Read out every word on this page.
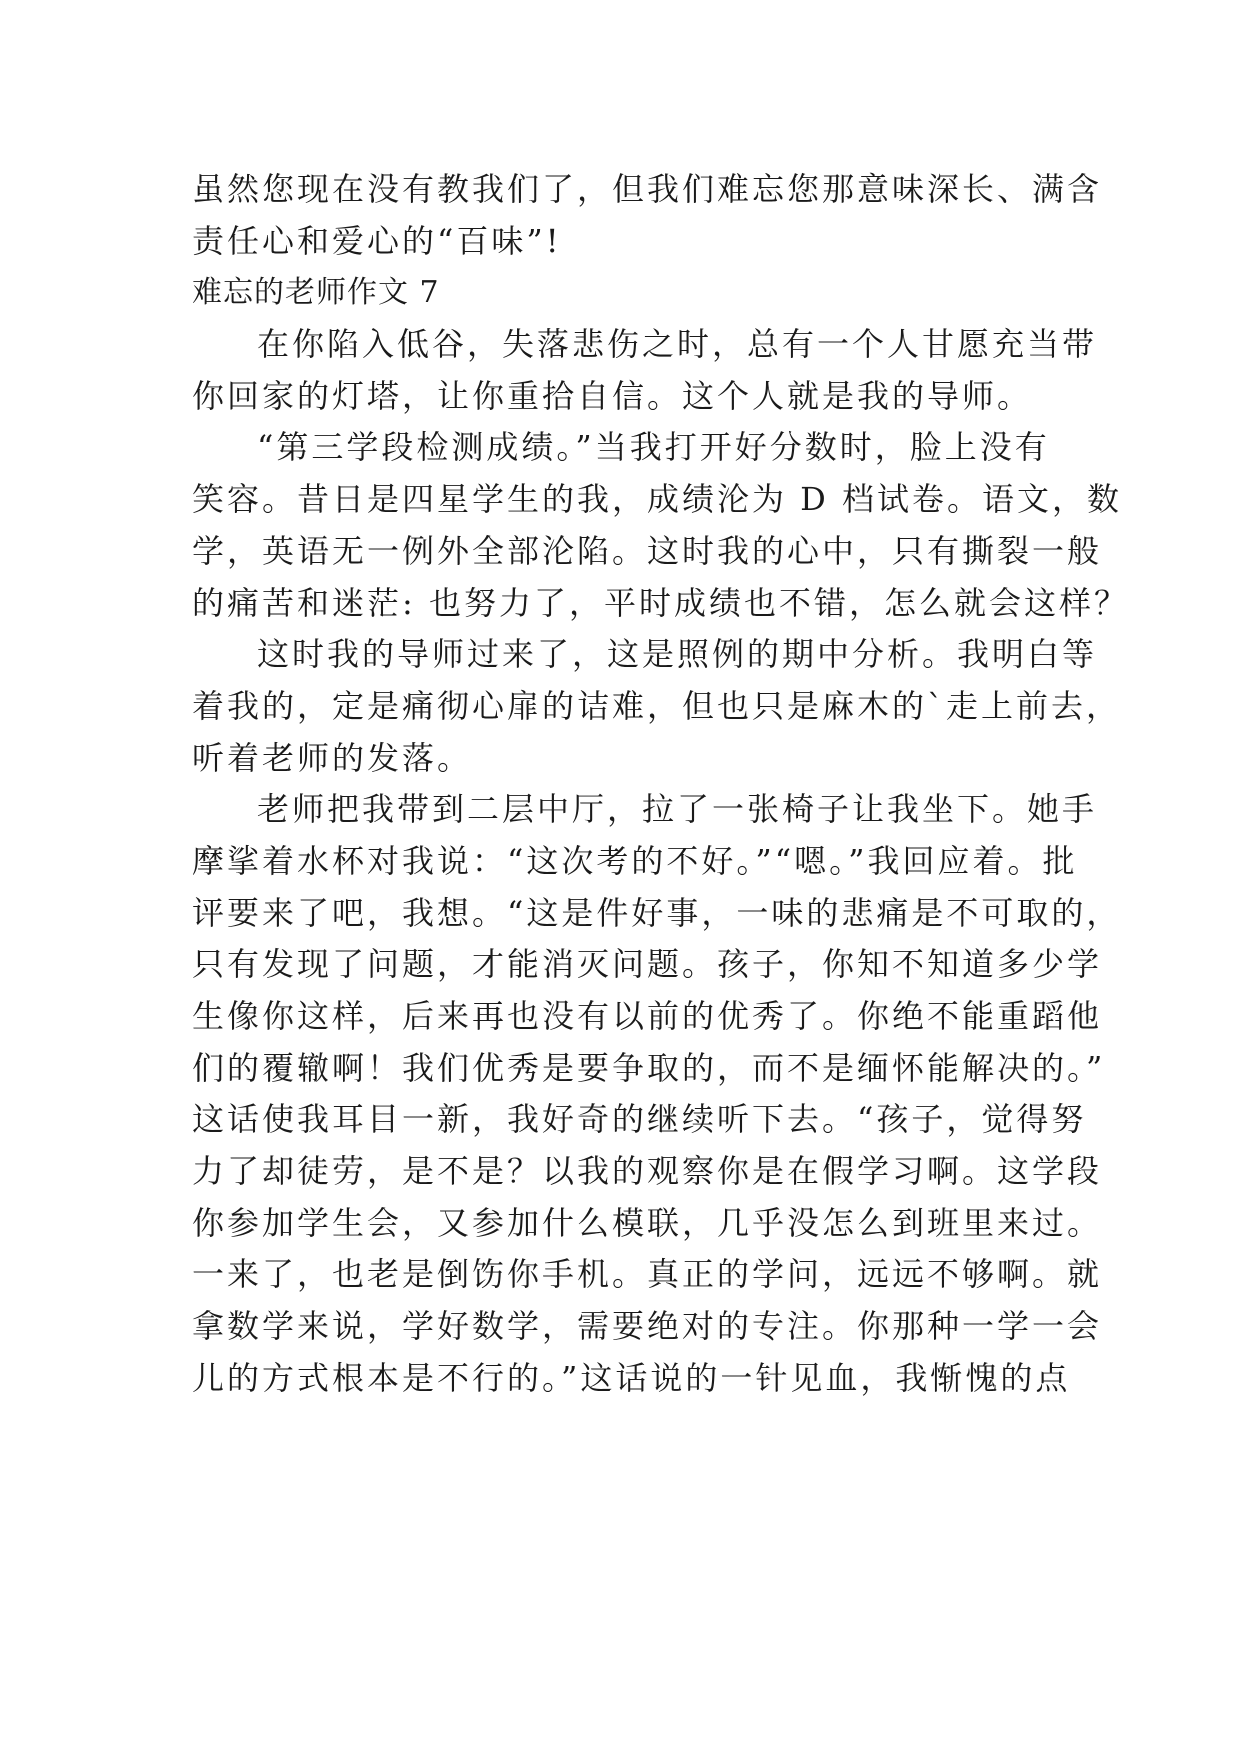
虽然您现在没有教我们了，但我们难忘您那意味深长、满含
责任心和爱心的“百味”!
难忘的老师作文 7
在你陷入低谷，失落悲伤之时，总有一个人甘愿充当带
你回家的灯塔，让你重拾自信。这个人就是我的导师。
“第三学段检测成绩。”当我打开好分数时，脸上没有
笑容。昔日是四星学生的我，成绩沦为 D 档试卷。语文，数
学，英语无一例外全部沦陷。这时我的心中，只有撕裂一般
的痛苦和迷茫: 也努力了，平时成绩也不错，怎么就会这样？
这时我的导师过来了，这是照例的期中分析。我明白等
着我的，定是痛彻心扉的诘难，但也只是麻木的`走上前去，
听着老师的发落。
老师把我带到二层中厅，拉了一张椅子让我坐下。她手
摩挲着水杯对我说：“这次考的不好。”“嗯。”我回应着。批
评要来了吧，我想。“这是件好事，一味的悲痛是不可取的，
只有发现了问题，才能消灭问题。孩子，你知不知道多少学
生像你这样，后来再也没有以前的优秀了。你绝不能重蹈他
们的覆辙啊！我们优秀是要争取的，而不是缅怀能解决的。”
这话使我耳目一新，我好奇的继续听下去。“孩子，觉得努
力了却徒劳，是不是？以我的观察你是在假学习啊。这学段
你参加学生会，又参加什么模联，几乎没怎么到班里来过。
一来了，也老是倒饬你手机。真正的学问，远远不够啊。就
拿数学来说，学好数学，需要绝对的专注。你那种一学一会
儿的方式根本是不行的。”这话说的一针见血，我惭愧的点
